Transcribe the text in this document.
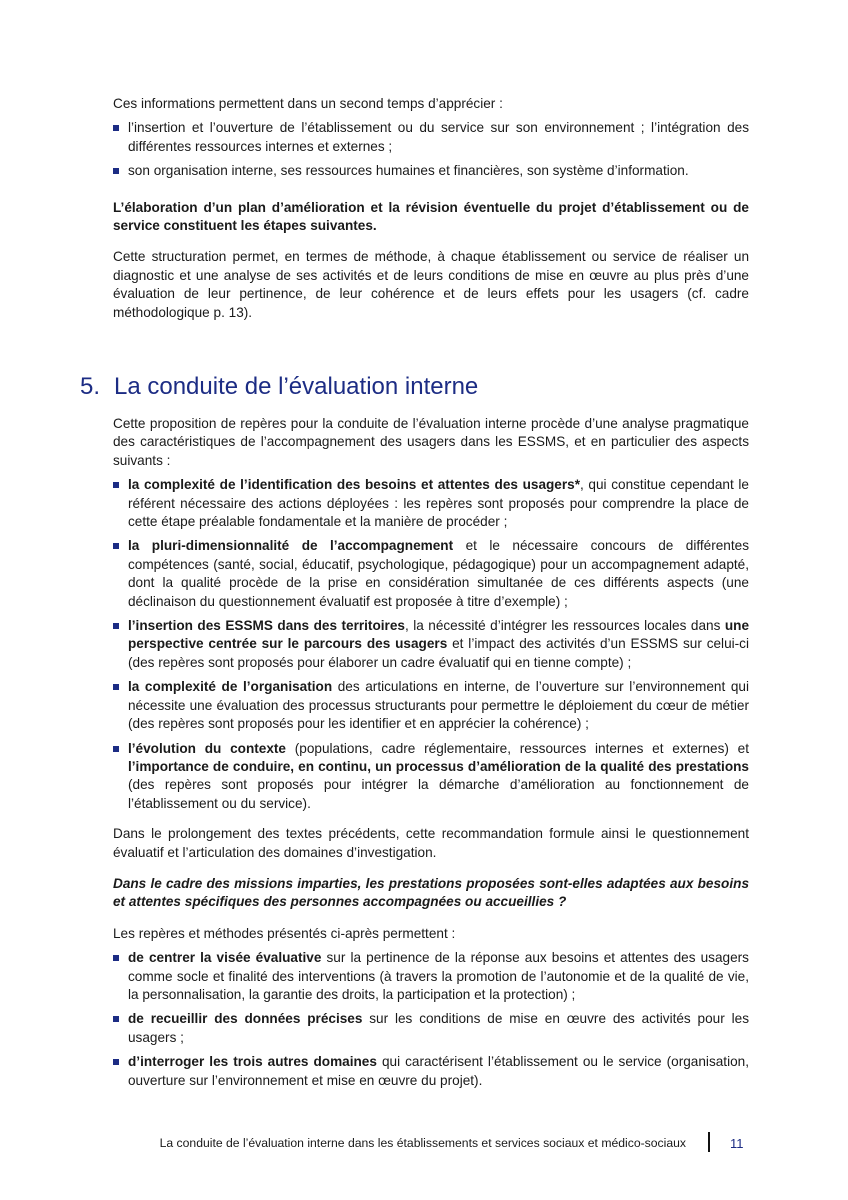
Ces informations permettent dans un second temps d’apprécier :

l’insertion et l’ouverture de l’établissement ou du service sur son environnement ; l’intégration des différentes ressources internes et externes ;
son organisation interne, ses ressources humaines et financières, son système d’information.

L’élaboration d’un plan d’amélioration et la révision éventuelle du projet d’établissement ou de service constituent les étapes suivantes.

Cette structuration permet, en termes de méthode, à chaque établissement ou service de réaliser un diagnostic et une analyse de ses activités et de leurs conditions de mise en œuvre au plus près d’une évaluation de leur pertinence, de leur cohérence et de leurs effets pour les usagers (cf. cadre méthodologique p. 13).

5. La conduite de l’évaluation interne

Cette proposition de repères pour la conduite de l’évaluation interne procède d’une analyse pragmatique des caractéristiques de l’accompagnement des usagers dans les ESSMS, et en particulier des aspects suivants :

la complexité de l’identification des besoins et attentes des usagers*, qui constitue cependant le référent nécessaire des actions déployées : les repères sont proposés pour comprendre la place de cette étape préalable fondamentale et la manière de procéder ;
la pluri-dimensionnalité de l’accompagnement et le nécessaire concours de différentes compétences (santé, social, éducatif, psychologique, pédagogique) pour un accompagnement adapté, dont la qualité procède de la prise en considération simultanée de ces différents aspects (une déclinaison du questionnement évaluatif est proposée à titre d’exemple) ;
l’insertion des ESSMS dans des territoires, la nécessité d’intégrer les ressources locales dans une perspective centrée sur le parcours des usagers et l’impact des activités d’un ESSMS sur celui-ci (des repères sont proposés pour élaborer un cadre évaluatif qui en tienne compte) ;
la complexité de l’organisation des articulations en interne, de l’ouverture sur l’environnement qui nécessite une évaluation des processus structurants pour permettre le déploiement du cœur de métier (des repères sont proposés pour les identifier et en apprécier la cohérence) ;
l’évolution du contexte (populations, cadre réglementaire, ressources internes et externes) et l’importance de conduire, en continu, un processus d’amélioration de la qualité des prestations (des repères sont proposés pour intégrer la démarche d’amélioration au fonctionnement de l’établissement ou du service).

Dans le prolongement des textes précédents, cette recommandation formule ainsi le questionnement évaluatif et l’articulation des domaines d’investigation.

Dans le cadre des missions imparties, les prestations proposées sont-elles adaptées aux besoins et attentes spécifiques des personnes accompagnées ou accueillies ?

Les repères et méthodes présentés ci-après permettent :

de centrer la visée évaluative sur la pertinence de la réponse aux besoins et attentes des usagers comme socle et finalité des interventions (à travers la promotion de l’autonomie et de la qualité de vie, la personnalisation, la garantie des droits, la participation et la protection) ;
de recueillir des données précises sur les conditions de mise en œuvre des activités pour les usagers ;
d’interroger les trois autres domaines qui caractérisent l’établissement ou le service (organisation, ouverture sur l’environnement et mise en œuvre du projet).
La conduite de l’évaluation interne dans les établissements et services sociaux et médico-sociaux	11
